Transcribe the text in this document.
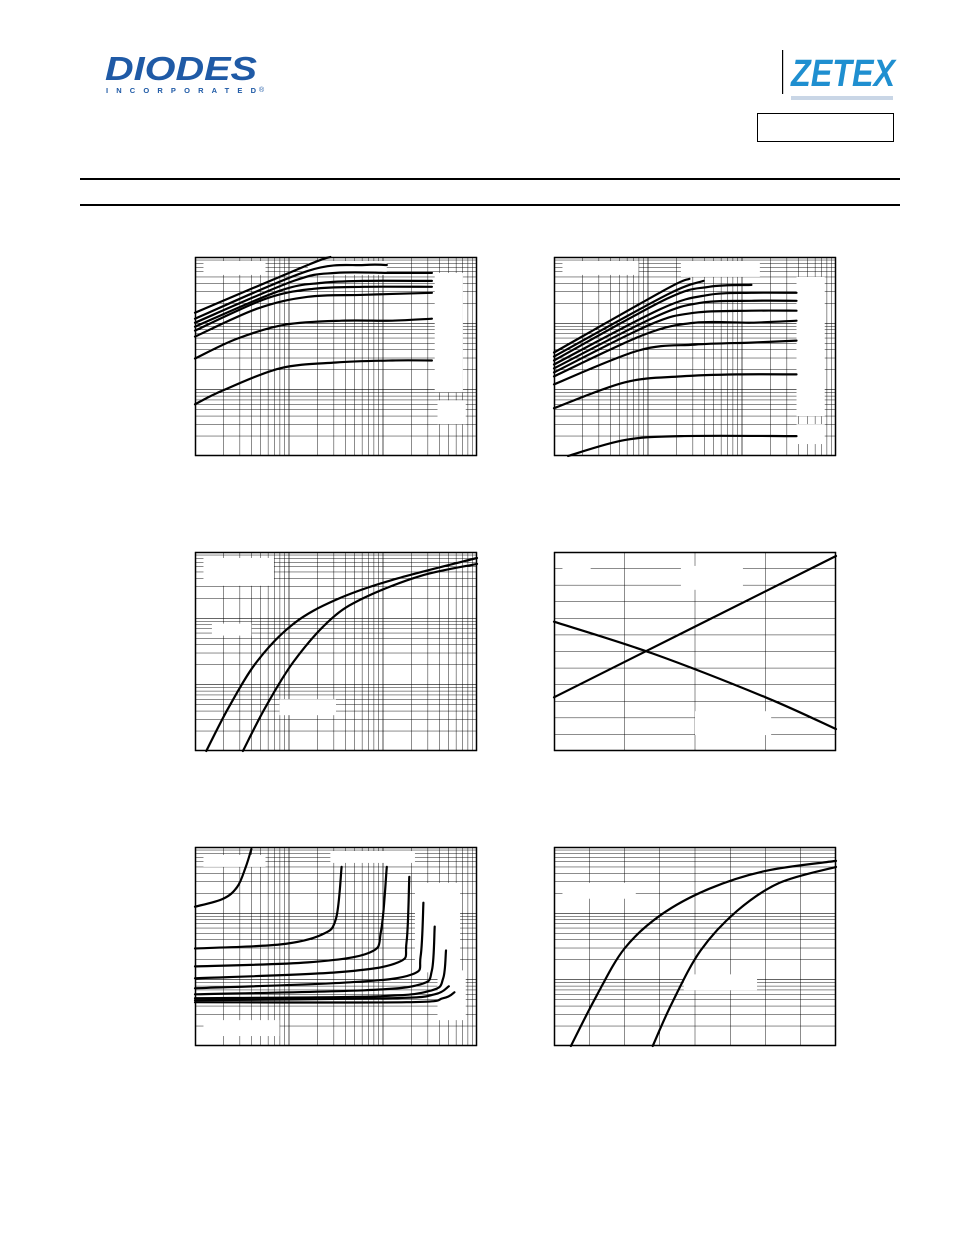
DIODES
INCORPORATED ®	ZETEX
